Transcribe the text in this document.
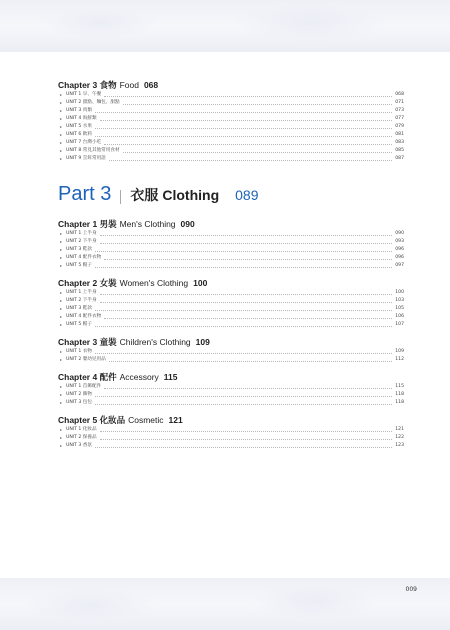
Chapter 3 食物 Food 068
▸ UNIT 1 早、午餐	068
▸ UNIT 2 甜點、麵包、甜點	071
▸ UNIT 3 肉類	073
▸ UNIT 4 海鮮類	077
▸ UNIT 5 水果	079
▸ UNIT 6 飲料	081
▸ UNIT 7 台灣小吃	083
▸ UNIT 8 常見其他常用食材	085
▸ UNIT 9 烹飪常用語	087
Part 3 衣服 Clothing 089
Chapter 1 男裝 Men's Clothing 090
▸ UNIT 1 上半身	090
▸ UNIT 2 下半身	093
▸ UNIT 3 鞋款	096
▸ UNIT 4 配件衣物	096
▸ UNIT 5 帽子	097
Chapter 2 女裝 Women's Clothing 100
▸ UNIT 1 上半身	100
▸ UNIT 2 下半身	103
▸ UNIT 3 鞋款	105
▸ UNIT 4 配件衣物	106
▸ UNIT 5 帽子	107
Chapter 3 童裝 Children's Clothing 109
▸ UNIT 1 衣物	109
▸ UNIT 2 嬰幼兒用品	112
Chapter 4 配件 Accessory 115
▸ UNIT 1 首飾配件	115
▸ UNIT 2 飾物	118
▸ UNIT 3 包包	118
Chapter 5 化妝品 Cosmetic 121
▸ UNIT 1 化妝品	121
▸ UNIT 2 保養品	122
▸ UNIT 3 香氛	123
009
